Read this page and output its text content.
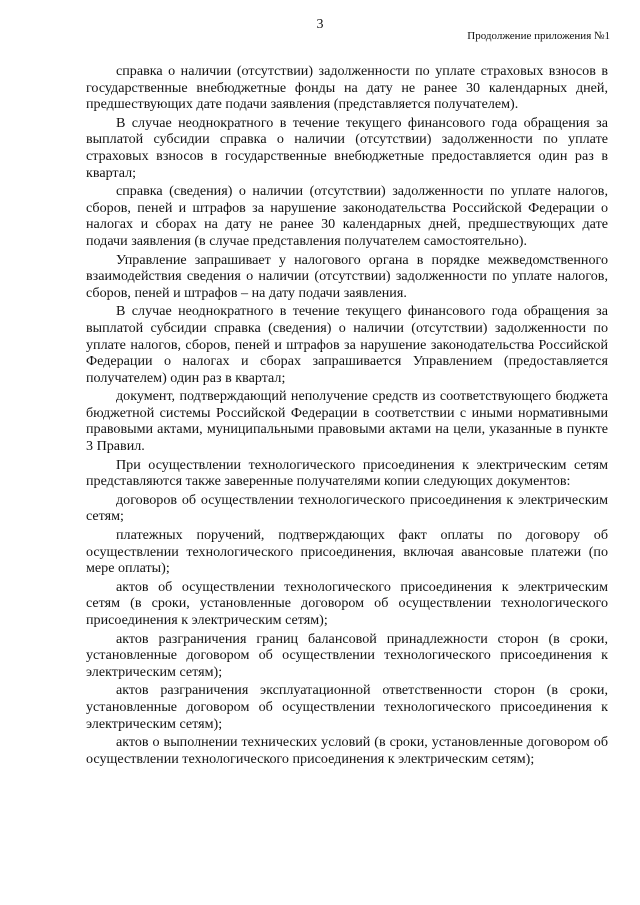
3
Продолжение приложения №1

справка о наличии (отсутствии) задолженности по уплате страховых взносов в государственные внебюджетные фонды на дату не ранее 30 календарных дней, предшествующих дате подачи заявления (представляется получателем).

В случае неоднократного в течение текущего финансового года обращения за выплатой субсидии справка о наличии (отсутствии) задолженности по уплате страховых взносов в государственные внебюджетные предоставляется один раз в квартал;

справка (сведения) о наличии (отсутствии) задолженности по уплате налогов, сборов, пеней и штрафов за нарушение законодательства Российской Федерации о налогах и сборах на дату не ранее 30 календарных дней, предшествующих дате подачи заявления (в случае представления получателем самостоятельно).

Управление запрашивает у налогового органа в порядке межведомственного взаимодействия сведения о наличии (отсутствии) задолженности по уплате налогов, сборов, пеней и штрафов – на дату подачи заявления.

В случае неоднократного в течение текущего финансового года обращения за выплатой субсидии справка (сведения) о наличии (отсутствии) задолженности по уплате налогов, сборов, пеней и штрафов за нарушение законодательства Российской Федерации о налогах и сборах запрашивается Управлением (предоставляется получателем) один раз в квартал;

документ, подтверждающий неполучение средств из соответствующего бюджета бюджетной системы Российской Федерации в соответствии с иными нормативными правовыми актами, муниципальными правовыми актами на цели, указанные в пункте 3 Правил.

При осуществлении технологического присоединения к электрическим сетям представляются также заверенные получателями копии следующих документов:

договоров об осуществлении технологического присоединения к электрическим сетям;

платежных поручений, подтверждающих факт оплаты по договору об осуществлении технологического присоединения, включая авансовые платежи (по мере оплаты);

актов об осуществлении технологического присоединения к электрическим сетям (в сроки, установленные договором об осуществлении технологического присоединения к электрическим сетям);

актов разграничения границ балансовой принадлежности сторон (в сроки, установленные договором об осуществлении технологического присоединения к электрическим сетям);

актов разграничения эксплуатационной ответственности сторон (в сроки, установленные договором об осуществлении технологического присоединения к электрическим сетям);

актов о выполнении технических условий (в сроки, установленные договором об осуществлении технологического присоединения к электрическим сетям);
